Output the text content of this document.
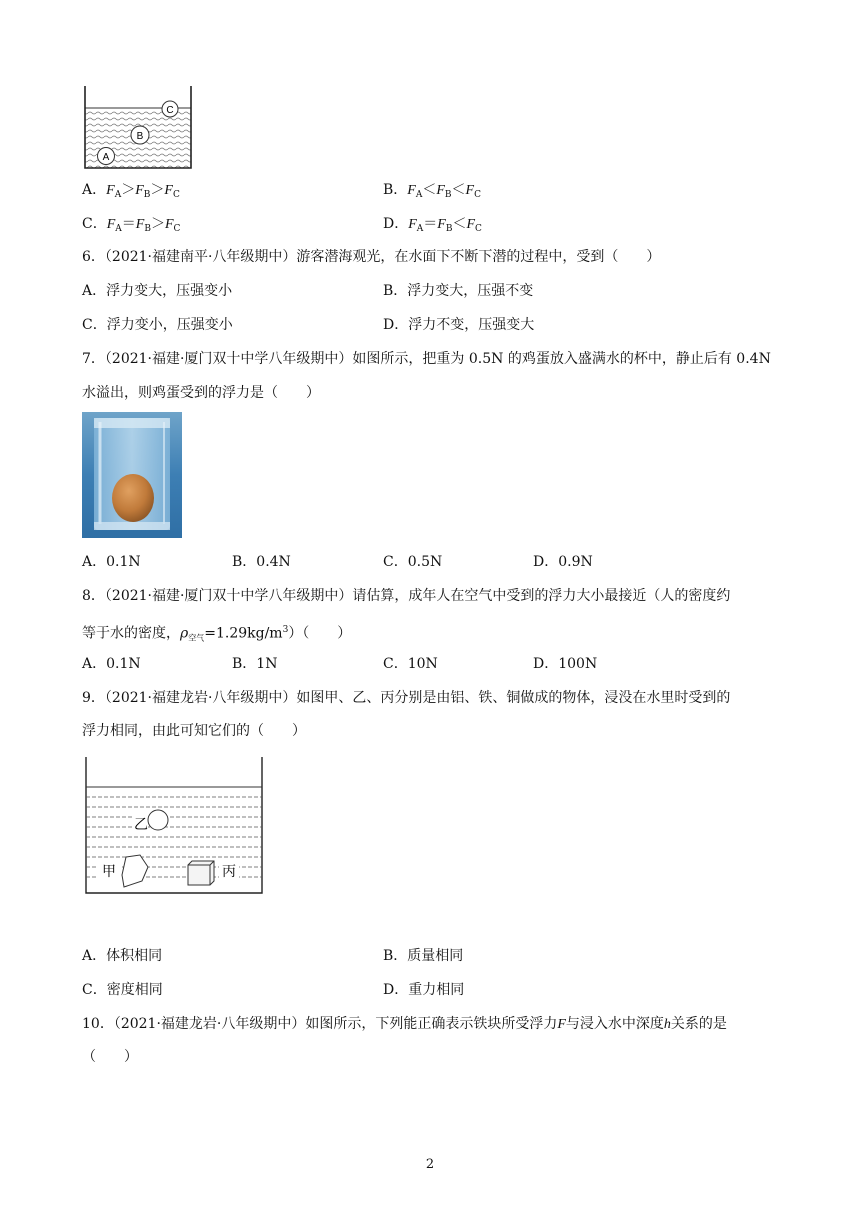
C
B
A
A．$F_A>F_B>F_C$	B．$F_A<F_B<F_C$
C．$F_A=F_B>F_C$	D．$F_A=F_B<F_C$
6．（2021·福建南平·八年级期中）游客潜海观光，在水面下不断下潜的过程中，受到（　　）
A．浮力变大，压强变小	B．浮力变大，压强不变
C．浮力变小，压强变小	D．浮力不变，压强变大
7．（2021·福建·厦门双十中学八年级期中）如图所示，把重为 0.5N 的鸡蛋放入盛满水的杯中，静止后有 0.4N
水溢出，则鸡蛋受到的浮力是（　　）
A．0.1N	B．0.4N	C．0.5N	D．0.9N
8．（2021·福建·厦门双十中学八年级期中）请估算，成年人在空气中受到的浮力大小最接近（人的密度约
等于水的密度，$\rho_{空气}=1.29kg/m^3$）（　　）
A．0.1N	B．1N	C．10N	D．100N
9．（2021·福建龙岩·八年级期中）如图甲、乙、丙分别是由铝、铁、铜做成的物体，浸没在水里时受到的
浮力相同，由此可知它们的（　　）
乙
甲	丙
A．体积相同	B．质量相同
C．密度相同	D．重力相同
10．（2021·福建龙岩·八年级期中）如图所示，下列能正确表示铁块所受浮力F与浸入水中深度h关系的是
（　　）
2
